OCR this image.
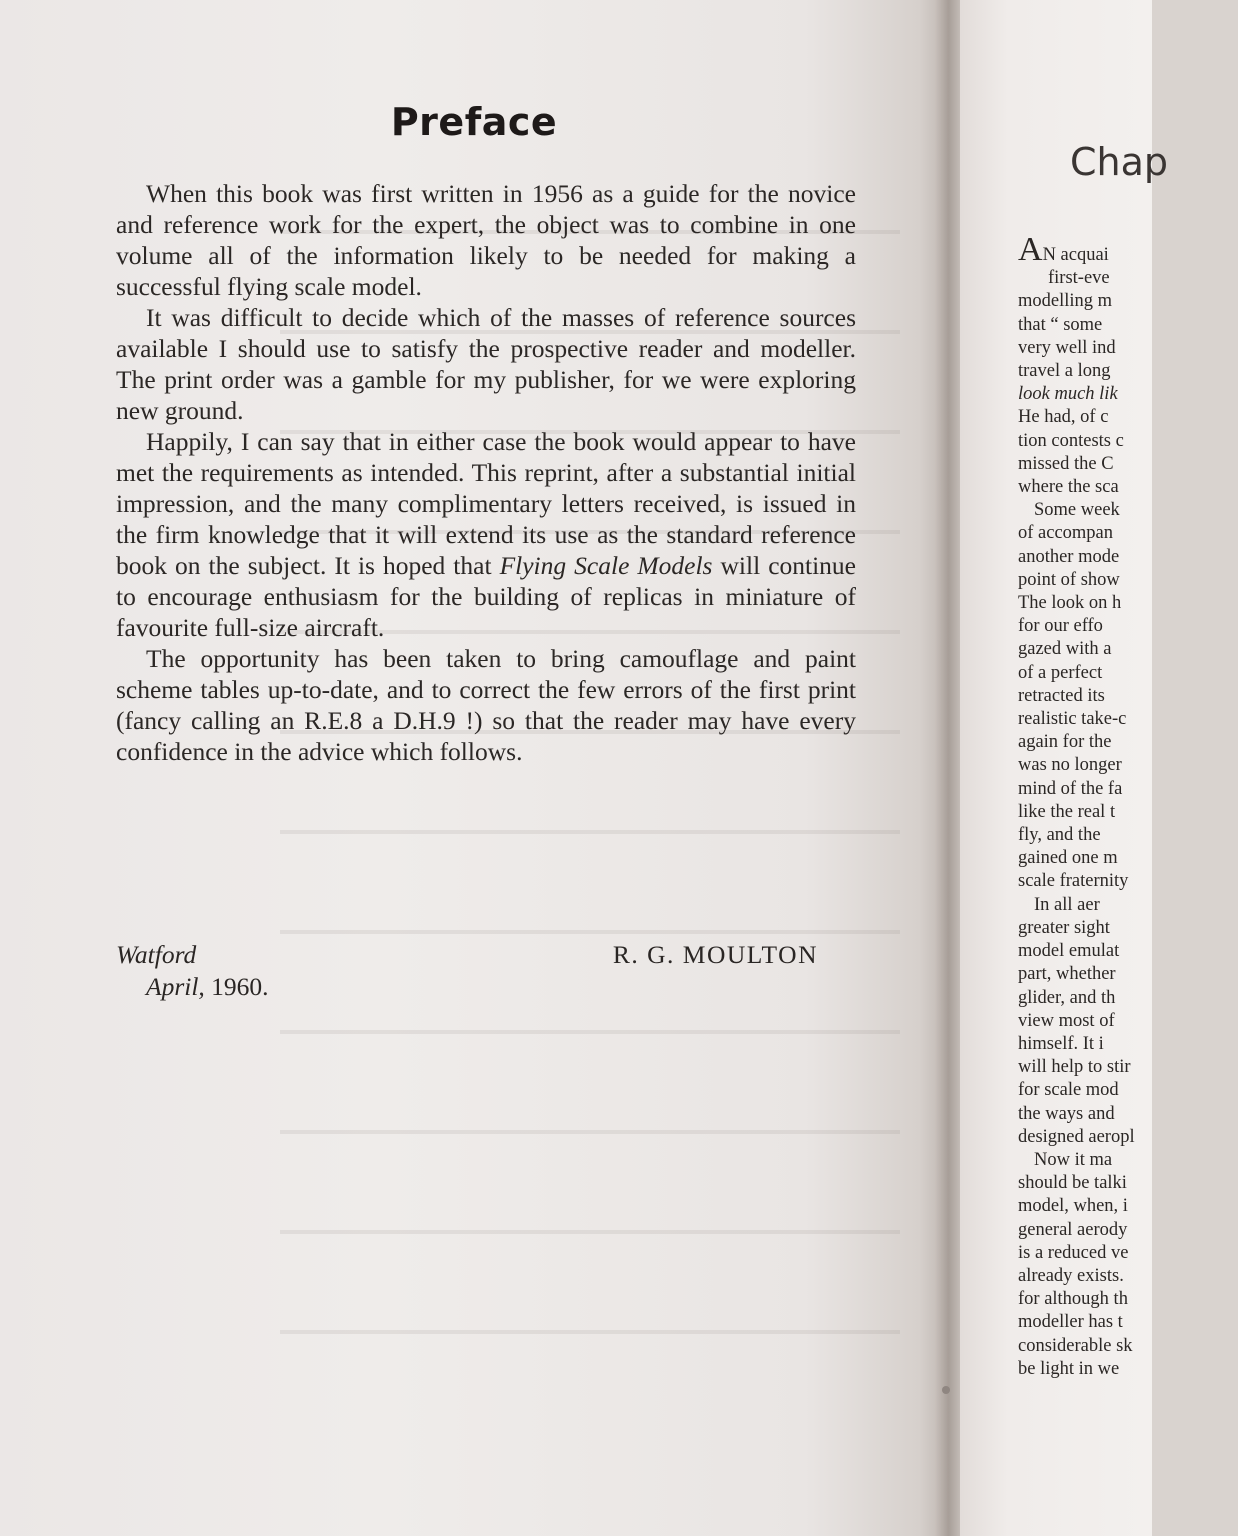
Preface

When this book was first written in 1956 as a guide for the novice and reference work for the expert, the object was to combine in one volume all of the information likely to be needed for making a successful flying scale model.

It was difficult to decide which of the masses of reference sources available I should use to satisfy the prospective reader and modeller. The print order was a gamble for my publisher, for we were exploring new ground.

Happily, I can say that in either case the book would appear to have met the requirements as intended. This reprint, after a substantial initial impression, and the many complimentary letters received, is issued in the firm knowledge that it will extend its use as the standard reference book on the subject. It is hoped that Flying Scale Models will continue to encourage enthusiasm for the building of replicas in miniature of favourite full-size aircraft.

The opportunity has been taken to bring camouflage and paint scheme tables up-to-date, and to correct the few errors of the first print (fancy calling an R.E.8 a D.H.9 !) so that the reader may have every confidence in the advice which follows.

Watford
April, 1960.
R. G. MOULTON
Chap
AN acquai
first-eve
modelling m
that “ some
very well ind
travel a long
look much lik
He had, of c
tion contests c
missed the C
where the sca
Some week
of accompan
another mode
point of show
The look on h
for our effo
gazed with a
of a perfect
retracted its
realistic take-c
again for the
was no longer
mind of the fa
like the real t
fly, and the
gained one m
scale fraternity
In all aer
greater sight
model emulat
part, whether
glider, and th
view most of
himself. It i
will help to stir
for scale mod
the ways and
designed aeropl
Now it ma
should be talki
model, when, i
general aerody
is a reduced ve
already exists.
for although th
modeller has t
considerable sk
be light in we
